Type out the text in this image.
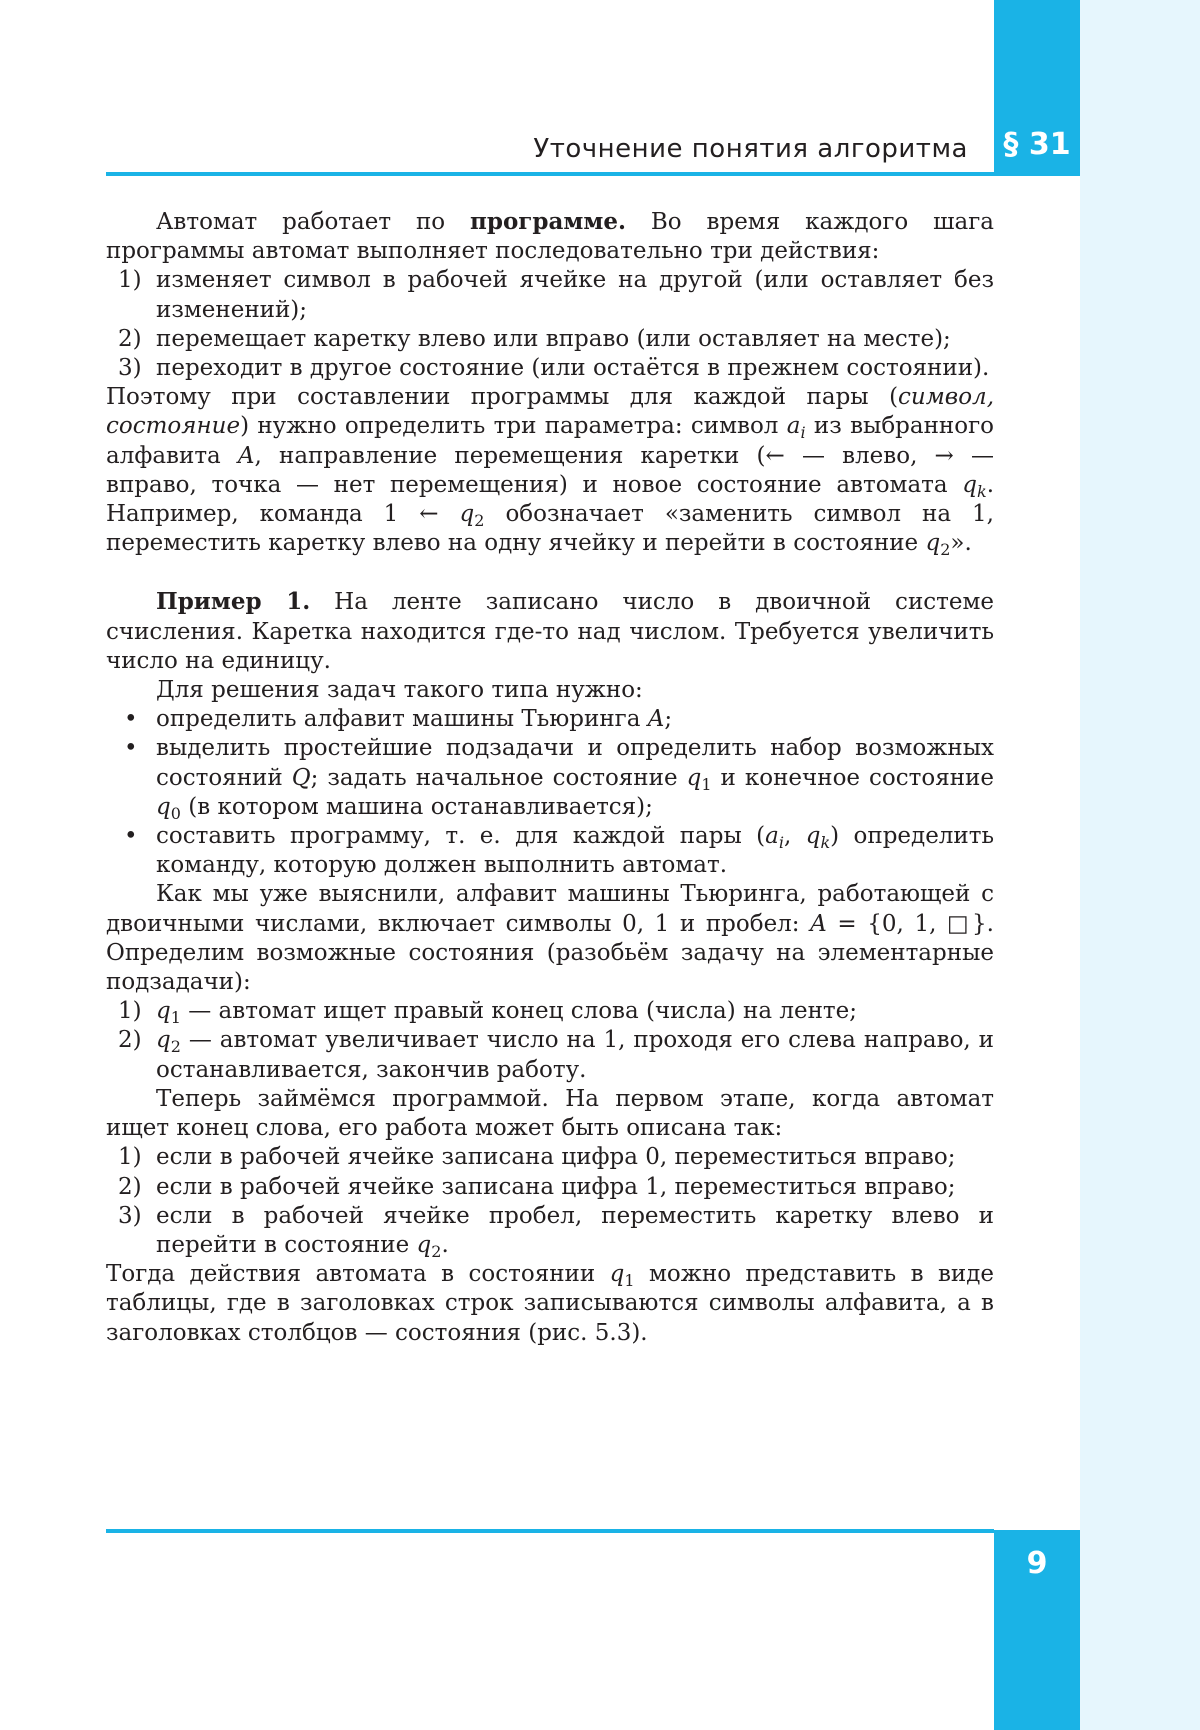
§ 31
Уточнение понятия алгоритма

Автомат работает по программе. Во время каждого шага программы автомат выполняет последовательно три действия:

1) изменяет символ в рабочей ячейке на другой (или оставляет без изменений);
2) перемещает каретку влево или вправо (или оставляет на месте);
3) переходит в другое состояние (или остаётся в прежнем состоянии).

Поэтому при составлении программы для каждой пары (символ, состояние) нужно определить три параметра: символ $a_i$ из выбранного алфавита A, направление перемещения каретки (← — влево, → — вправо, точка — нет перемещения) и новое состояние автомата $q_k$. Например, команда 1 ← $q_2$ обозначает «заменить символ на 1, переместить каретку влево на одну ячейку и перейти в состояние $q_2$».

Пример 1. На ленте записано число в двоичной системе счисления. Каретка находится где-то над числом. Требуется увеличить число на единицу.

Для решения задач такого типа нужно:

• определить алфавит машины Тьюринга A;
• выделить простейшие подзадачи и определить набор возможных состояний Q; задать начальное состояние $q_1$ и конечное состояние $q_0$ (в котором машина останавливается);
• составить программу, т. е. для каждой пары ($a_i$, $q_k$) определить команду, которую должен выполнить автомат.

Как мы уже выяснили, алфавит машины Тьюринга, работающей с двоичными числами, включает символы 0, 1 и пробел: A = {0, 1, □}. Определим возможные состояния (разобьём задачу на элементарные подзадачи):

1) $q_1$ — автомат ищет правый конец слова (числа) на ленте;
2) $q_2$ — автомат увеличивает число на 1, проходя его слева направо, и останавливается, закончив работу.

Теперь займёмся программой. На первом этапе, когда автомат ищет конец слова, его работа может быть описана так:

1) если в рабочей ячейке записана цифра 0, переместиться вправо;
2) если в рабочей ячейке записана цифра 1, переместиться вправо;
3) если в рабочей ячейке пробел, переместить каретку влево и перейти в состояние $q_2$.

Тогда действия автомата в состоянии $q_1$ можно представить в виде таблицы, где в заголовках строк записываются символы алфавита, а в заголовках столбцов — состояния (рис. 5.3).

9
